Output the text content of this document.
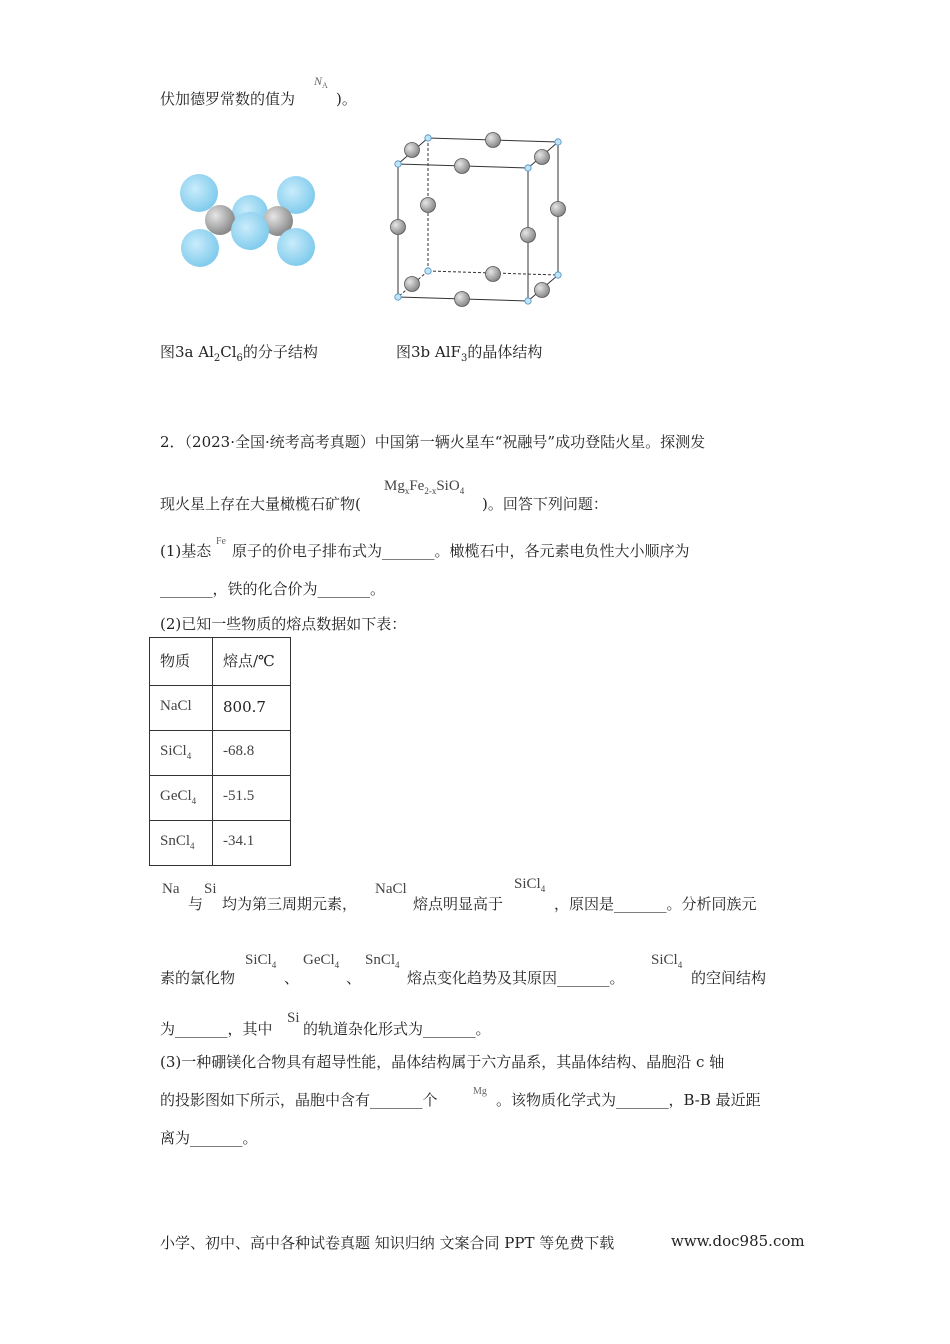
伏加德罗常数的值为
$N_A$
)。
图3a $Al_2Cl_6$的分子结构	图3b AlF$_3$的晶体结构
2．（2023·全国·统考高考真题）中国第一辆火星车“祝融号”成功登陆火星。探测发
现火星上存在大量橄榄石矿物(
$Mg_xFe_{2-x}SiO_4$
)。回答下列问题：
(1)基态
Fe
原子的价电子排布式为_______。橄榄石中，各元素电负性大小顺序为
_______，铁的化合价为_______。
(2)已知一些物质的熔点数据如下表：
物质	熔点/℃
NaCl	800.7
SiCl$_4$	-68.8
GeCl$_4$	-51.5
SnCl$_4$	-34.1
Na
与
Si
均为第三周期元素，
NaCl
熔点明显高于
SiCl$_4$
，原因是_______。分析同族元
素的氯化物
SiCl$_4$
、
GeCl$_4$
、
SnCl$_4$
熔点变化趋势及其原因_______。
SiCl$_4$
的空间结构
为_______，其中
Si
的轨道杂化形式为_______。
(3)一种硼镁化合物具有超导性能，晶体结构属于六方晶系，其晶体结构、晶胞沿 c 轴
的投影图如下所示，晶胞中含有_______个	Mg 。该物质化学式为_______，B-B 最近距
离为_______。
小学、初中、高中各种试卷真题 知识归纳 文案合同 PPT 等免费下载	www.doc985.com
